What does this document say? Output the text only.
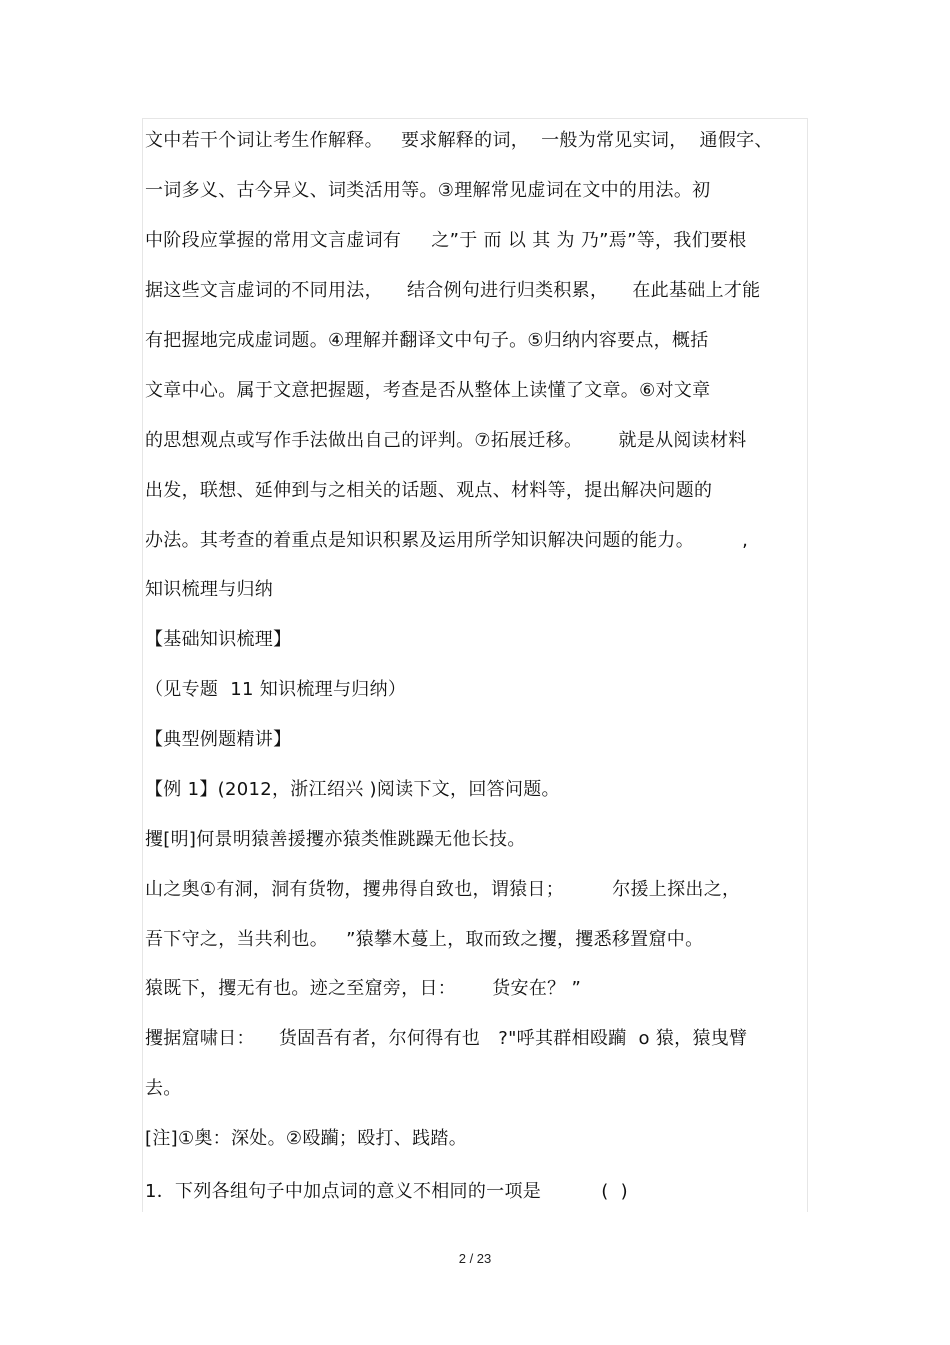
文中若干个词让考生作解释。   要求解释的词，  一般为常见实词，  通假字、
一词多义、古今异义、词类活用等。③理解常见虚词在文中的用法。初
中阶段应掌握的常用文言虚词有     之”于 而 以 其 为 乃”焉”等，我们要根
据这些文言虚词的不同用法，    结合例句进行归类积累，    在此基础上才能
有把握地完成虚词题。④理解并翻译文中句子。⑤归纳内容要点，概括
文章中心。属于文意把握题，考查是否从整体上读懂了文章。⑥对文章
的思想观点或写作手法做出自己的评判。⑦拓展迁移。      就是从阅读材料
出发，联想、延伸到与之相关的话题、观点、材料等，提出解决问题的
办法。其考查的着重点是知识积累及运用所学知识解决问题的能力。        ,
知识梳理与归纳
【基础知识梳理】
（见专题  11 知识梳理与归纳）
【典型例题精讲】
【例 1】(2012，浙江绍兴 )阅读下文，回答问题。
攫[明]何景明猿善援攫亦猿类惟跳躁无他长技。
山之奥①有洞，洞有货物，攫弗得自致也，谓猿日；        尔援上探出之，
吾下守之，当共利也。   ”猿攀木蔓上，取而致之攫，攫悉移置窟中。
猿既下，攫无有也。迹之至窟旁，日：      货安在？ ”
攫据窟啸日：    货固吾有者，尔何得有也   ?"呼其群相殴躏  o 猿，猿曳臂
去。
[注]①奥：深处。②殴躏；殴打、践踏。
1．下列各组句子中加点词的意义不相同的一项是          (  )
2 / 23
